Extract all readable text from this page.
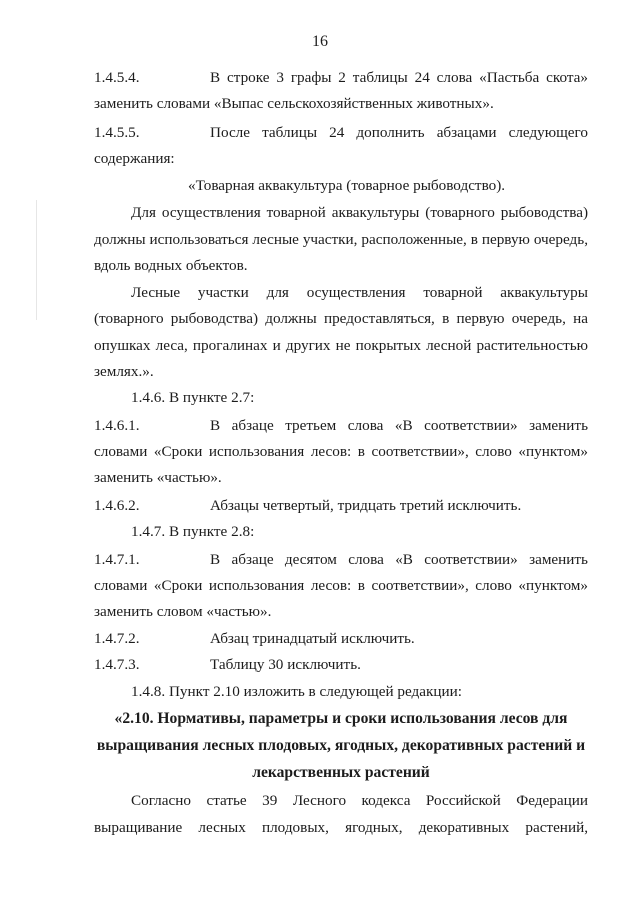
16
1.4.5.4.	В строке 3 графы 2 таблицы 24 слова «Пастьба скота»
заменить словами «Выпас сельскохозяйственных животных».
1.4.5.5.	После таблицы 24 дополнить абзацами следующего
содержания:
«Товарная аквакультура (товарное рыбоводство).
Для осуществления товарной аквакультуры (товарного рыбоводства)
должны использоваться лесные участки, расположенные, в первую очередь,
вдоль водных объектов.
Лесные участки для осуществления товарной аквакультуры
(товарного рыбоводства) должны предоставляться, в первую очередь, на
опушках леса, прогалинах и других не покрытых лесной растительностью
землях.».
1.4.6. В пункте 2.7:
1.4.6.1.	В абзаце третьем слова «В соответствии» заменить
словами «Сроки использования лесов: в соответствии», слово «пунктом»
заменить «частью».
1.4.6.2.	Абзацы четвертый, тридцать третий исключить.
1.4.7. В пункте 2.8:
1.4.7.1.	В абзаце десятом слова «В соответствии» заменить
словами «Сроки использования лесов: в соответствии», слово «пунктом»
заменить словом «частью».
1.4.7.2.	Абзац тринадцатый исключить.
1.4.7.3.	Таблицу 30 исключить.
1.4.8. Пункт 2.10 изложить в следующей редакции:
«2.10. Нормативы, параметры и сроки использования лесов для
выращивания лесных плодовых, ягодных, декоративных растений и
лекарственных растений
Согласно статье 39 Лесного кодекса Российской Федерации
выращивание лесных плодовых, ягодных, декоративных растений,
